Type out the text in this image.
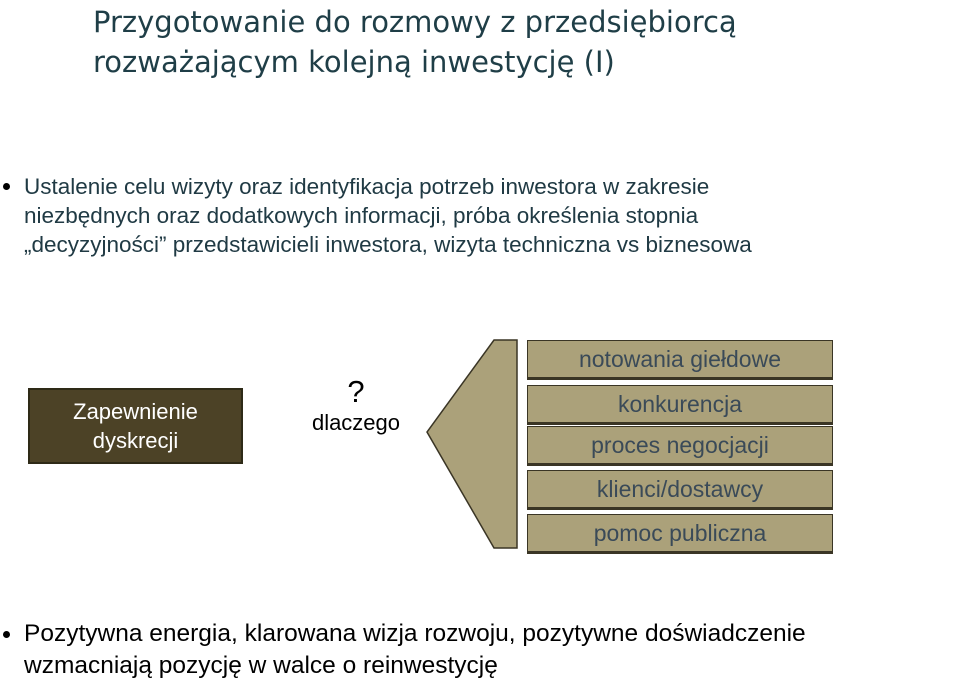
Przygotowanie do rozmowy z przedsiębiorcą
rozważającym kolejną inwestycję (I)
Ustalenie celu wizyty oraz identyfikacja potrzeb inwestora w zakresie
niezbędnych oraz dodatkowych informacji, próba określenia stopnia
„decyzyjności” przedstawicieli inwestora, wizyta techniczna vs biznesowa
Zapewnienie
dyskrecji
?
dlaczego
notowania giełdowe
konkurencja
proces negocjacji
klienci/dostawcy
pomoc publiczna
Pozytywna energia, klarowana wizja rozwoju, pozytywne doświadczenie
wzmacniają pozycję w walce o reinwestycję
